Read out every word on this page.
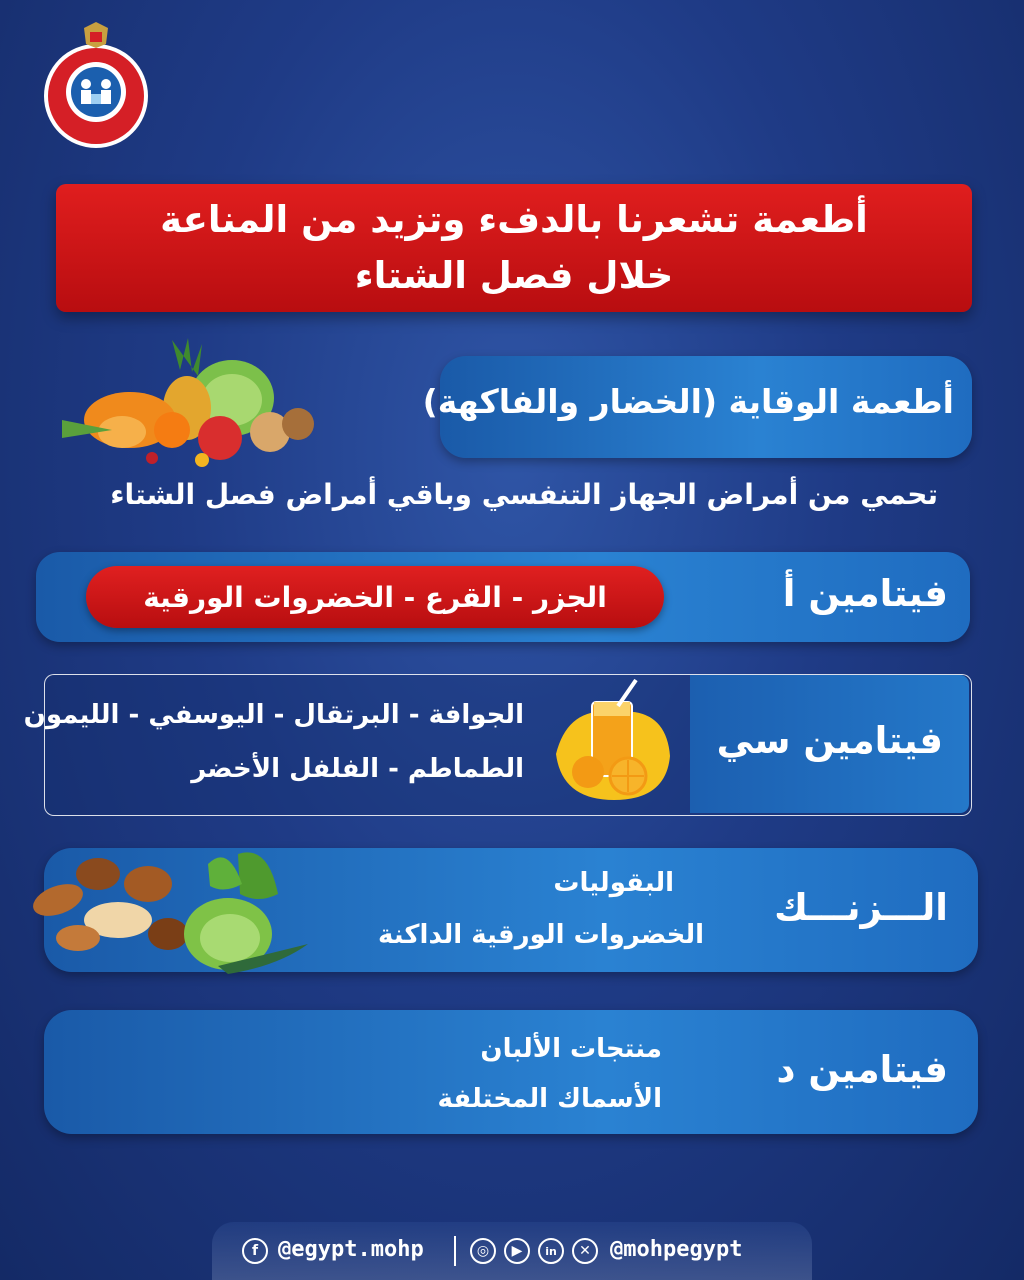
أطعمة تشعرنا بالدفء وتزيد من المناعة
خلال فصل الشتاء
أطعمة الوقاية (الخضار والفاكهة)
تحمي من أمراض الجهاز التنفسي وباقي أمراض فصل الشتاء
فيتامين أ
الجزر - القرع - الخضروات الورقية
فيتامين سي
الجوافة - البرتقال - اليوسفي - الليمون
الطماطم - الفلفل الأخضر
الـــزنـــك
البقوليات
الخضروات الورقية الداكنة
فيتامين د
منتجات الألبان
الأسماك المختلفة
f @egypt.mohp	◎	▶	in	✕ @mohpegypt
